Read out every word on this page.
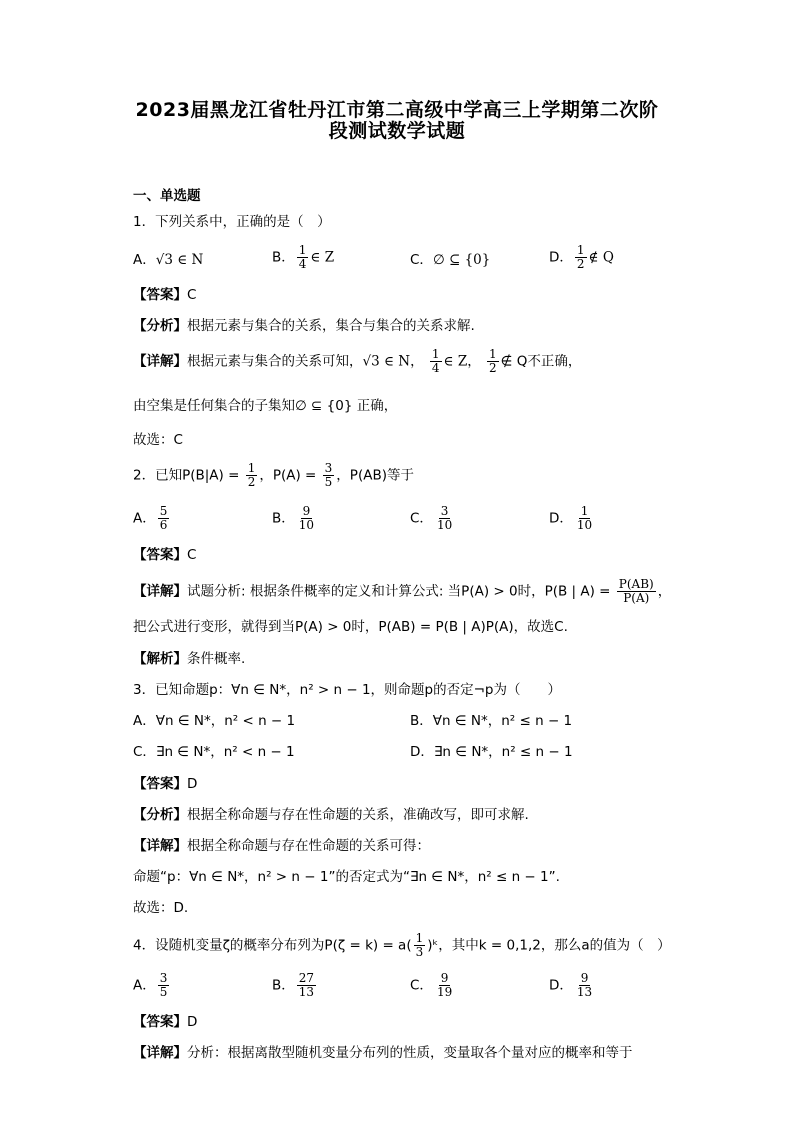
2023届黑龙江省牡丹江市第二高级中学高三上学期第二次阶
段测试数学试题
一、单选题
1．下列关系中，正确的是（　）
A．√3 ∈ N	B． $\frac{1}{4}$ ∈ Z	C．∅ ⊆ {0}	D． $\frac{1}{2}$ ∉ Q
【答案】C
【分析】根据元素与集合的关系，集合与集合的关系求解.
【详解】根据元素与集合的关系可知，√3 ∈ N， $\frac{1}{4}$ ∈ Z， $\frac{1}{2}$ ∉ Q不正确，
由空集是任何集合的子集知∅ ⊆ {0} 正确，
故选：C
2．已知$P(B|A) = \frac{1}{2}$ ，$P(A) = \frac{3}{5}$ ，P(AB)等于
A． $\frac{5}{6}$	B． $\frac{9}{10}$	C． $\frac{3}{10}$	D． $\frac{1}{10}$
【答案】C
【详解】试题分析: 根据条件概率的定义和计算公式: 当P(A) > 0时，P(B | $A) = \frac{P(AB)}{P(A)}$ ，
把公式进行变形，就得到当P(A) > 0时，P(AB) = P(B | A)P(A)，故选C.
【解析】条件概率.
3．已知命题p：∀n ∈ N*，n² > n − 1，则命题p的否定¬p为（　　）
A．∀n ∈ N*，n² < n − 1	B．∀n ∈ N*，n² ≤ n − 1
C．∃n ∈ N*，n² < n − 1	D．∃n ∈ N*，n² ≤ n − 1
【答案】D
【分析】根据全称命题与存在性命题的关系，准确改写，即可求解.
【详解】根据全称命题与存在性命题的关系可得：
命题“p：∀n ∈ N*，n² > n − 1”的否定式为“∃n ∈ N*，n² ≤ n − 1”.
故选：D.
4．设随机变量ζ的概率分布列为$P(\zeta = k) = a( \frac{1}{3}$ )ᵏ，其中k = 0,1,2，那么a的值为（　）
A． $\frac{3}{5}$	B． $\frac{27}{13}$	C． $\frac{9}{19}$	D． $\frac{9}{13}$
【答案】D
【详解】分析：根据离散型随机变量分布列的性质，变量取各个量对应的概率和等于
